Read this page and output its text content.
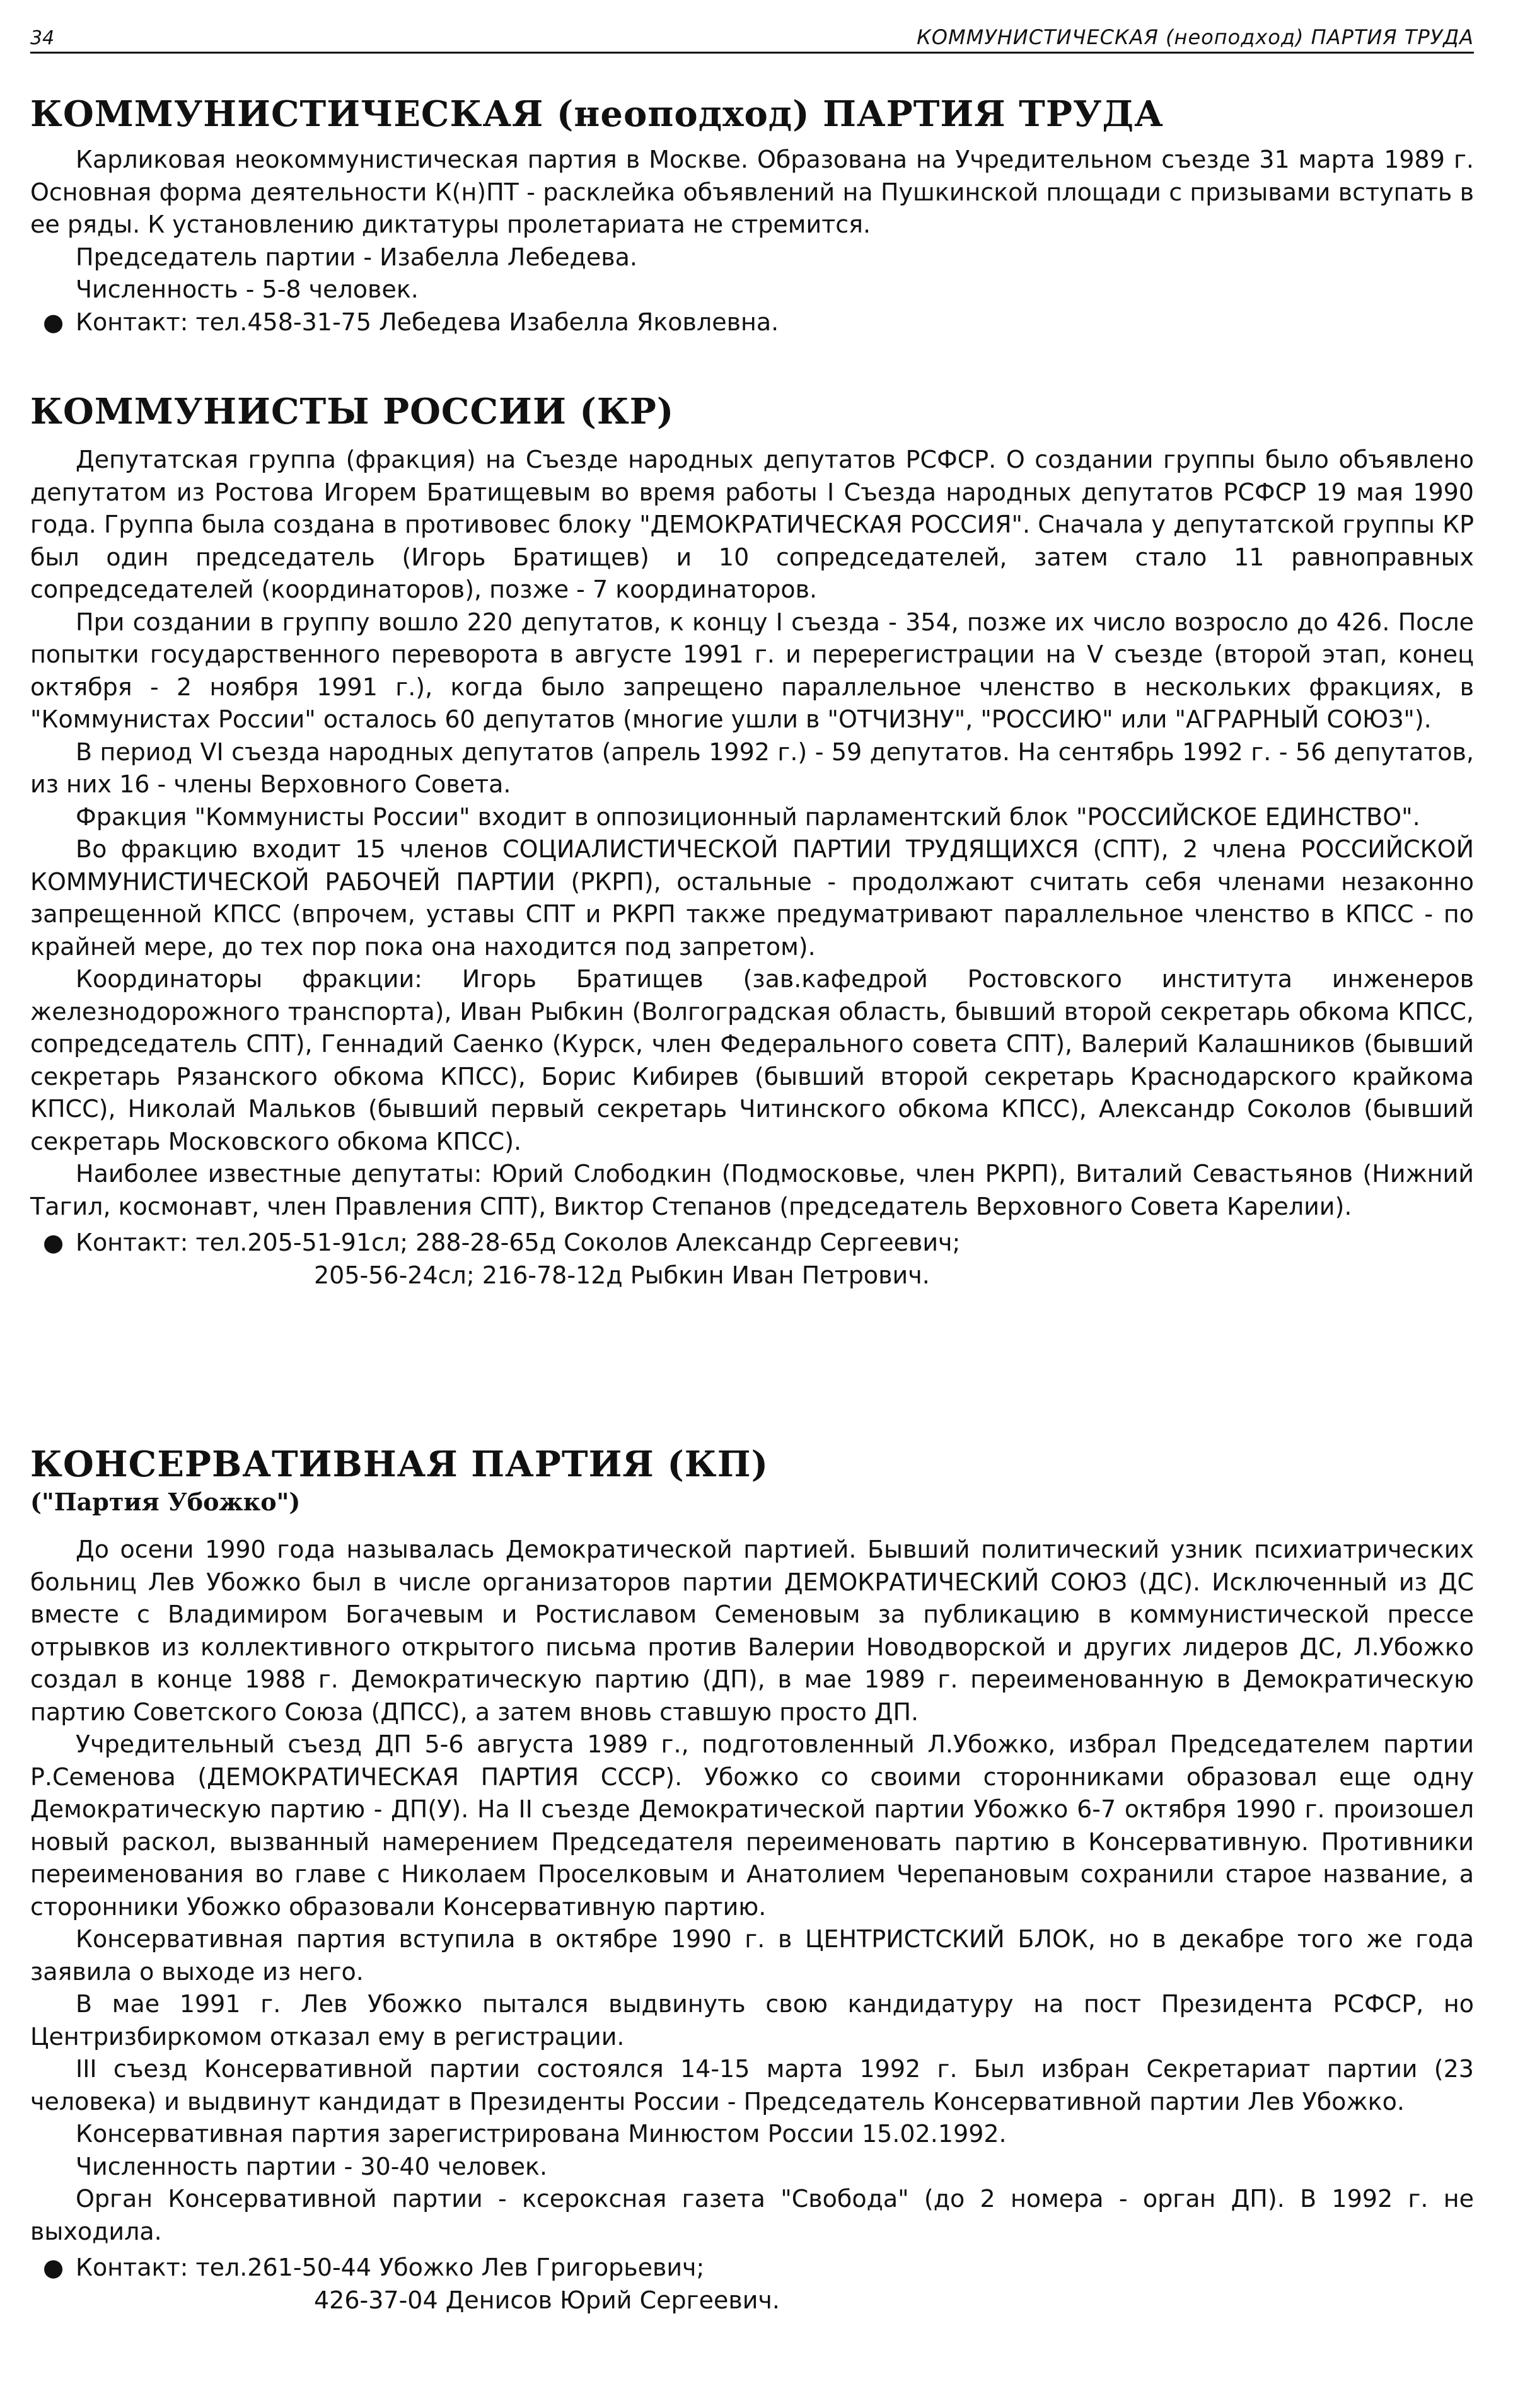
34	КОММУНИСТИЧЕСКАЯ (неоподход) ПАРТИЯ ТРУДА
КОММУНИСТИЧЕСКАЯ (неоподход) ПАРТИЯ ТРУДА

Карликовая неокоммунистическая партия в Москве. Образована на Учредительном съезде 31 марта 1989 г. Основная форма деятельности К(н)ПТ - расклейка объявлений на Пушкинской площади с призывами вступать в ее ряды. К установлению диктатуры пролетариата не стремится.

Председатель партии - Изабелла Лебедева.

Численность - 5-8 человек.

● Контакт: тел.458-31-75 Лебедева Изабелла Яковлевна.
КОММУНИСТЫ РОССИИ (КР)

Депутатская группа (фракция) на Съезде народных депутатов РСФСР. О создании группы было объявлено депутатом из Ростова Игорем Братищевым во время работы I Съезда народных депутатов РСФСР 19 мая 1990 года. Группа была создана в противовес блоку "ДЕМОКРАТИЧЕСКАЯ РОССИЯ". Сначала у депутатской группы КР был один председатель (Игорь Братищев) и 10 сопредседателей, затем стало 11 равноправных сопредседателей (координаторов), позже - 7 координаторов.

При создании в группу вошло 220 депутатов, к концу I съезда - 354, позже их число возросло до 426. После попытки государственного переворота в августе 1991 г. и перерегистрации на V съезде (второй этап, конец октября - 2 ноября 1991 г.), когда было запрещено параллельное членство в нескольких фракциях, в "Коммунистах России" осталось 60 депутатов (многие ушли в "ОТЧИЗНУ", "РОССИЮ" или "АГРАРНЫЙ СОЮЗ").

В период VI съезда народных депутатов (апрель 1992 г.) - 59 депутатов. На сентябрь 1992 г. - 56 депутатов, из них 16 - члены Верховного Совета.

Фракция "Коммунисты России" входит в оппозиционный парламентский блок "РОССИЙСКОЕ ЕДИНСТВО".

Во фракцию входит 15 членов СОЦИАЛИСТИЧЕСКОЙ ПАРТИИ ТРУДЯЩИХСЯ (СПТ), 2 члена РОССИЙСКОЙ КОММУНИСТИЧЕСКОЙ РАБОЧЕЙ ПАРТИИ (РКРП), остальные - продолжают считать себя членами незаконно запрещенной КПСС (впрочем, уставы СПТ и РКРП также предуматривают параллельное членство в КПСС - по крайней мере, до тех пор пока она находится под запретом).

Координаторы фракции: Игорь Братищев (зав.кафедрой Ростовского института инженеров железнодорожного транспорта), Иван Рыбкин (Волгоградская область, бывший второй секретарь обкома КПСС, сопредседатель СПТ), Геннадий Саенко (Курск, член Федерального совета СПТ), Валерий Калашников (бывший секретарь Рязанского обкома КПСС), Борис Кибирев (бывший второй секретарь Краснодарского крайкома КПСС), Николай Мальков (бывший первый секретарь Читинского обкома КПСС), Александр Соколов (бывший секретарь Московского обкома КПСС).

Наиболее известные депутаты: Юрий Слободкин (Подмосковье, член РКРП), Виталий Севастьянов (Нижний Тагил, космонавт, член Правления СПТ), Виктор Степанов (председатель Верховного Совета Карелии).

● Контакт: тел.205-51-91сл; 288-28-65д Соколов Александр Сергеевич;
205-56-24сл; 216-78-12д Рыбкин Иван Петрович.
КОНСЕРВАТИВНАЯ ПАРТИЯ (КП)
("Партия Убожко")

До осени 1990 года называлась Демократической партией. Бывший политический узник психиатрических больниц Лев Убожко был в числе организаторов партии ДЕМОКРАТИЧЕСКИЙ СОЮЗ (ДС). Исключенный из ДС вместе с Владимиром Богачевым и Ростиславом Семеновым за публикацию в коммунистической прессе отрывков из коллективного открытого письма против Валерии Новодворской и других лидеров ДС, Л.Убожко создал в конце 1988 г. Демократическую партию (ДП), в мае 1989 г. переименованную в Демократическую партию Советского Союза (ДПСС), а затем вновь ставшую просто ДП.

Учредительный съезд ДП 5-6 августа 1989 г., подготовленный Л.Убожко, избрал Председателем партии Р.Семенова (ДЕМОКРАТИЧЕСКАЯ ПАРТИЯ СССР). Убожко со своими сторонниками образовал еще одну Демократическую партию - ДП(У). На II съезде Демократической партии Убожко 6-7 октября 1990 г. произошел новый раскол, вызванный намерением Председателя переименовать партию в Консервативную. Противники переименования во главе с Николаем Проселковым и Анатолием Черепановым сохранили старое название, а сторонники Убожко образовали Консервативную партию.

Консервативная партия вступила в октябре 1990 г. в ЦЕНТРИСТСКИЙ БЛОК, но в декабре того же года заявила о выходе из него.

В мае 1991 г. Лев Убожко пытался выдвинуть свою кандидатуру на пост Президента РСФСР, но Центризбиркомом отказал ему в регистрации.

III съезд Консервативной партии состоялся 14-15 марта 1992 г. Был избран Секретариат партии (23 человека) и выдвинут кандидат в Президенты России - Председатель Консервативной партии Лев Убожко.

Консервативная партия зарегистрирована Минюстом России 15.02.1992.

Численность партии - 30-40 человек.

Орган Консервативной партии - ксероксная газета "Свобода" (до 2 номера - орган ДП). В 1992 г. не выходила.

● Контакт: тел.261-50-44 Убожко Лев Григорьевич;
426-37-04 Денисов Юрий Сергеевич.
